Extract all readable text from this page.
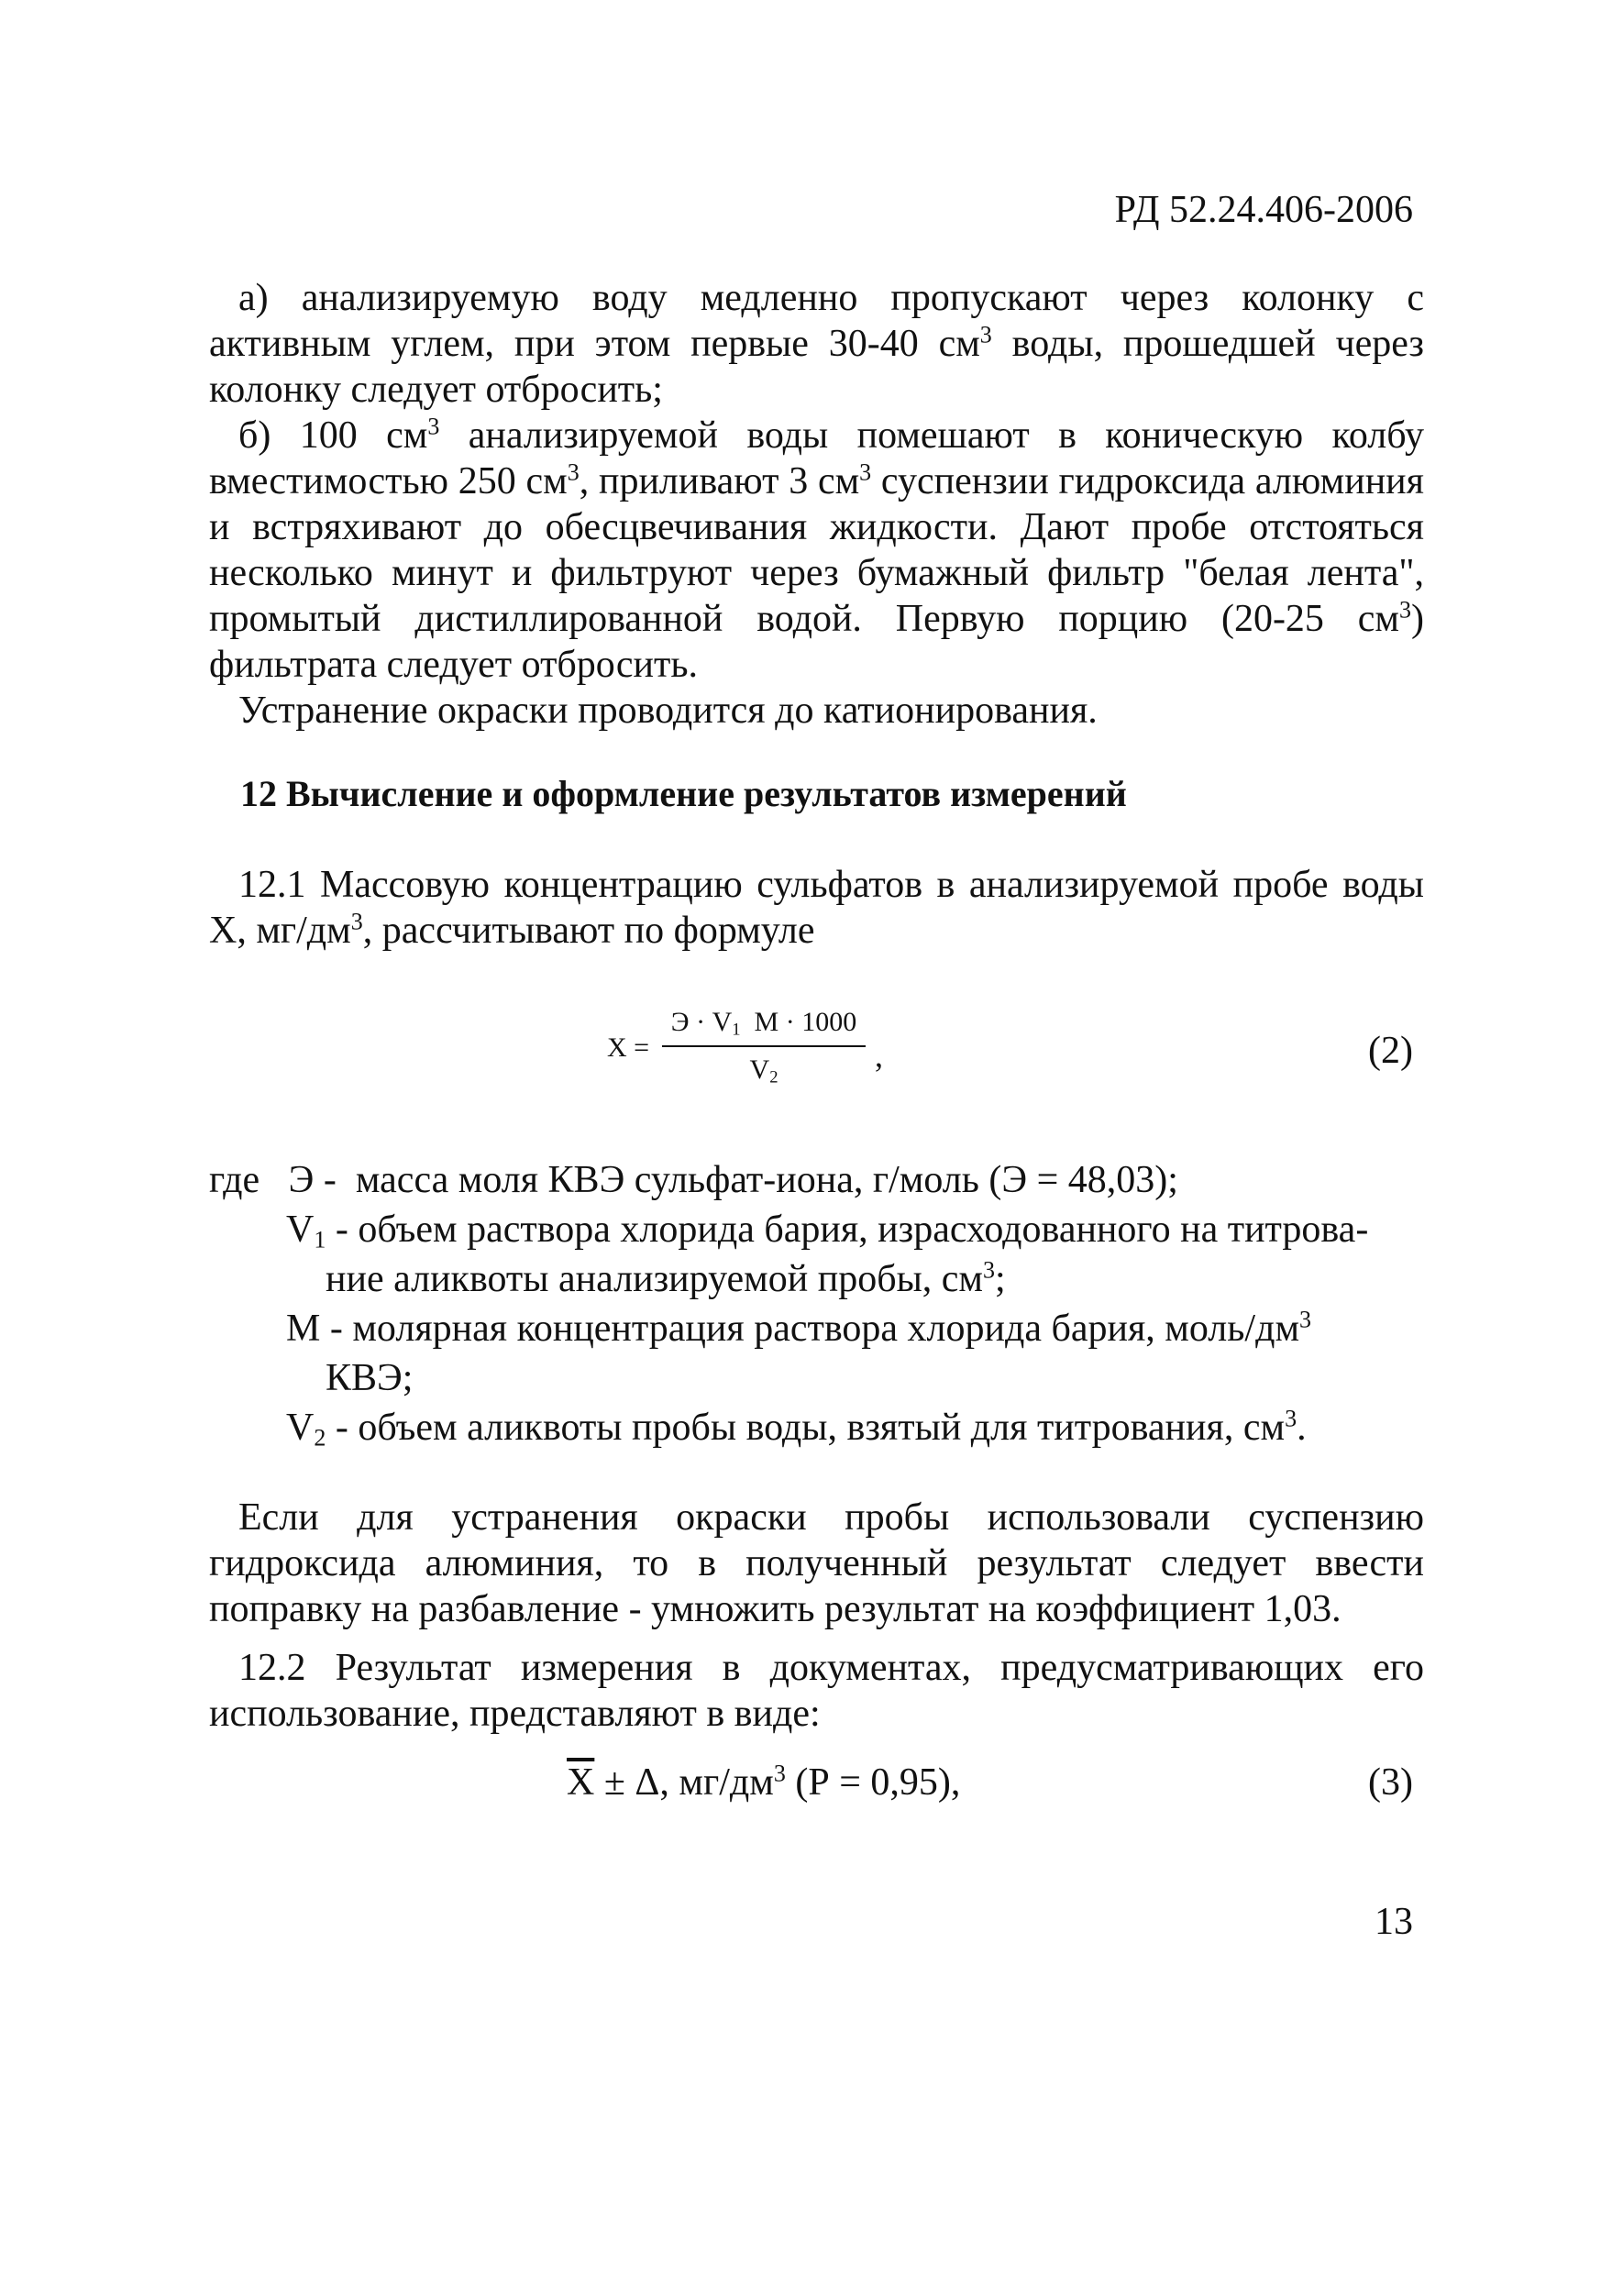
РД 52.24.406-2006
а) анализируемую воду медленно пропускают через колонку с активным углем, при этом первые 30-40 $см^3$ воды, прошедшей через колонку следует отбросить;
б) 100 $см^3$ анализируемой воды помешают в коническую колбу вместимостью 250 $см^3$, приливают 3 $см^3$ суспензии гидроксида алюминия и встряхивают до обесцвечивания жидкости. Дают пробе отстояться несколько минут и фильтруют через бумажный фильтр "белая лента", промытый дистиллированной водой. Первую порцию (20-25 $см^3$) фильтрата следует отбросить.
Устранение окраски проводится до катионирования.
12 Вычисление и оформление результатов измерений
12.1 Массовую концентрацию сульфатов в анализируемой пробе воды X, $мг/дм^3$, рассчитывают по формуле
X =
$Э \cdot V_1$ М · 1000
$V_2$
,	(2)
где Э - масса моля КВЭ сульфат-иона, г/моль (Э = 48,03);
$V_1$ - объем раствора хлорида бария, израсходованного на титрова-
ние аликвоты анализируемой пробы, $см^3$;
М - молярная концентрация раствора хлорида бария, моль/$дм^3$
КВЭ;
$V_2$ - объем аликвоты пробы воды, взятый для титрования, $см^3$.
Если для устранения окраски пробы использовали суспензию гидроксида алюминия, то в полученный результат следует ввести поправку на разбавление - умножить результат на коэффициент 1,03.
12.2 Результат измерения в документах, предусматривающих его использование, представляют в виде:
$\overline{X} \pm \Delta$, $мг/дм^3$ (Р = 0,95),	(3)
13
